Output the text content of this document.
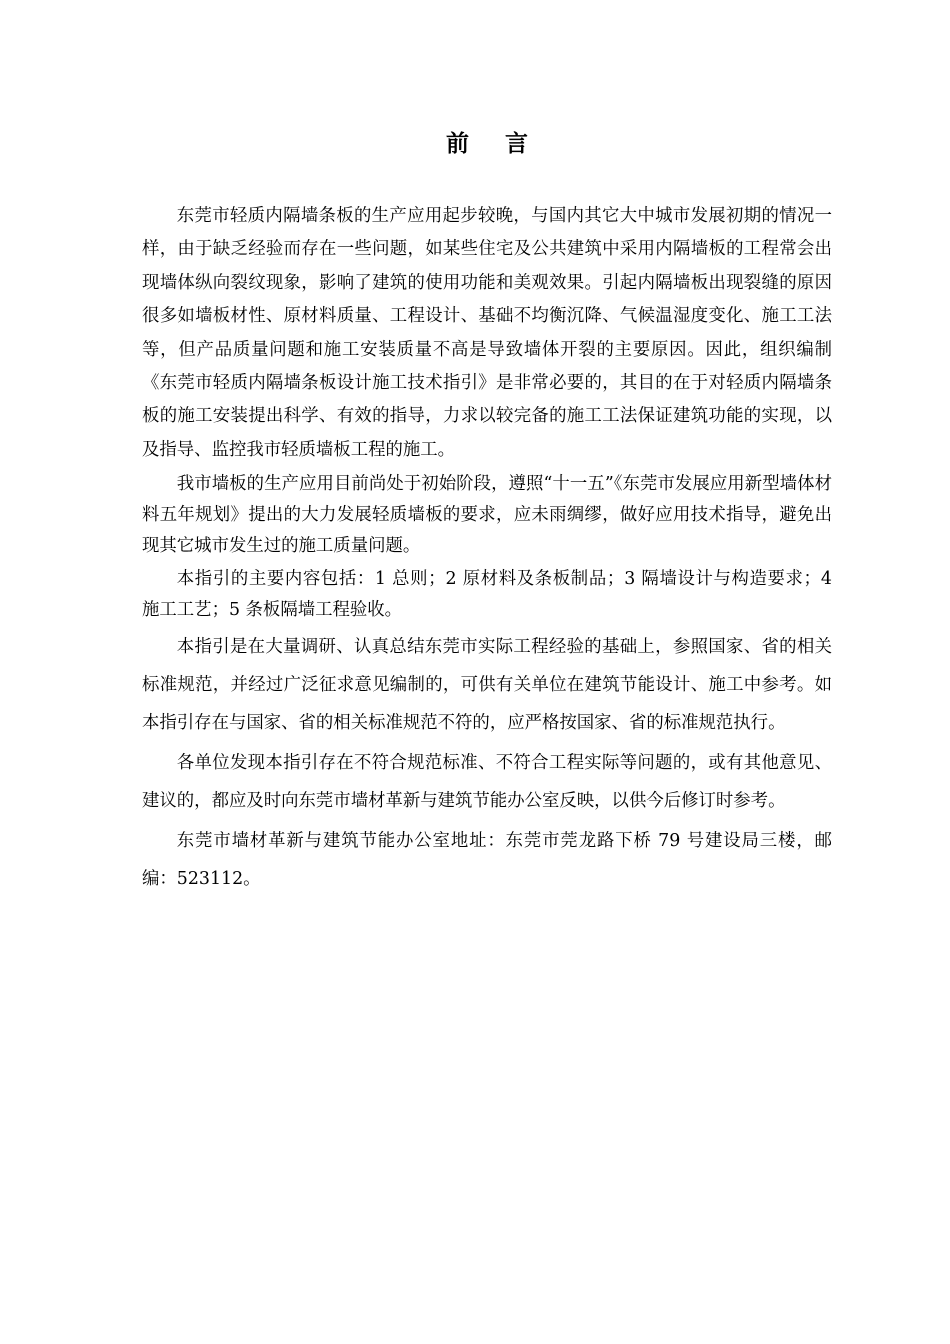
前 言

东莞市轻质内隔墙条板的生产应用起步较晚，与国内其它大中城市发展初期的情况一样，由于缺乏经验而存在一些问题，如某些住宅及公共建筑中采用内隔墙板的工程常会出现墙体纵向裂纹现象，影响了建筑的使用功能和美观效果。引起内隔墙板出现裂缝的原因很多如墙板材性、原材料质量、工程设计、基础不均衡沉降、气候温湿度变化、施工工法等，但产品质量问题和施工安装质量不高是导致墙体开裂的主要原因。因此，组织编制《东莞市轻质内隔墙条板设计施工技术指引》是非常必要的，其目的在于对轻质内隔墙条板的施工安装提出科学、有效的指导，力求以较完备的施工工法保证建筑功能的实现，以及指导、监控我市轻质墙板工程的施工。

我市墙板的生产应用目前尚处于初始阶段，遵照“十一五”《东莞市发展应用新型墙体材料五年规划》提出的大力发展轻质墙板的要求，应未雨绸缪，做好应用技术指导，避免出现其它城市发生过的施工质量问题。

本指引的主要内容包括：1 总则；2 原材料及条板制品；3 隔墙设计与构造要求；4 施工工艺；5 条板隔墙工程验收。

本指引是在大量调研、认真总结东莞市实际工程经验的基础上，参照国家、省的相关标准规范，并经过广泛征求意见编制的，可供有关单位在建筑节能设计、施工中参考。如本指引存在与国家、省的相关标准规范不符的，应严格按国家、省的标准规范执行。

各单位发现本指引存在不符合规范标准、不符合工程实际等问题的，或有其他意见、建议的，都应及时向东莞市墙材革新与建筑节能办公室反映，以供今后修订时参考。

东莞市墙材革新与建筑节能办公室地址：东莞市莞龙路下桥 79 号建设局三楼，邮编：523112。
